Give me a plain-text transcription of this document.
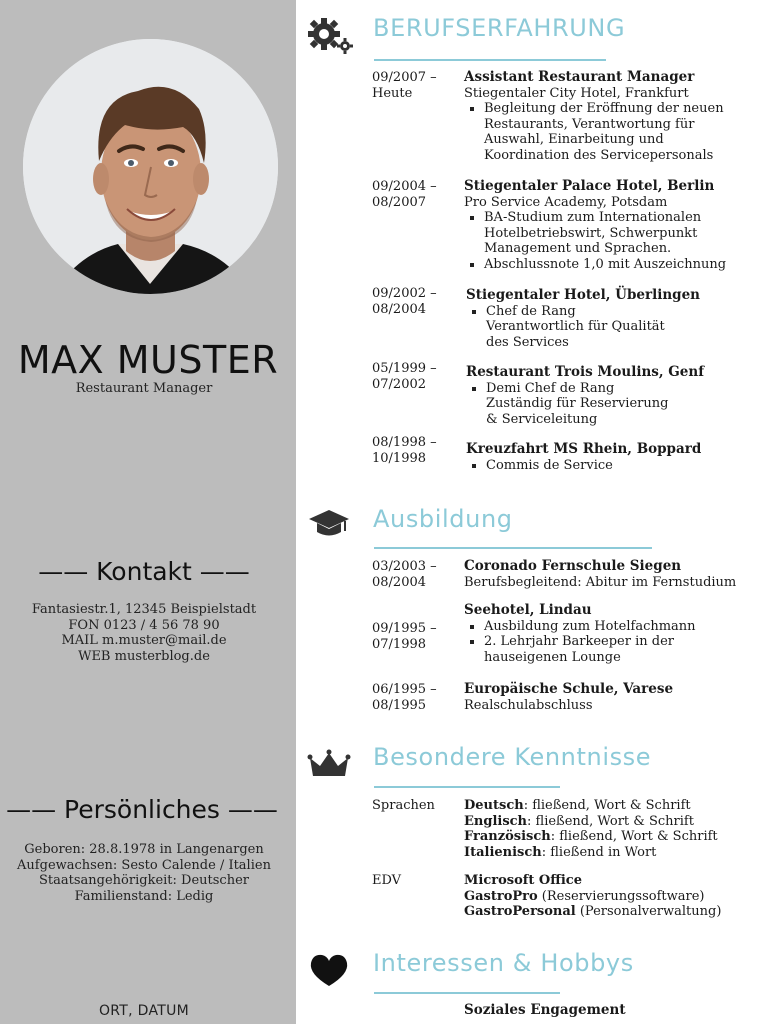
MAX MUSTER
Restaurant Manager
—— Kontakt ——
Fantasiestr.1, 12345 Beispielstadt
FON 0123 / 4 56 78 90
MAIL m.muster@mail.de
WEB musterblog.de
—— Persönliches ——
Geboren: 28.8.1978 in Langenargen
Aufgewachsen: Sesto Calende / Italien
Staatsangehörigkeit: Deutscher
Familienstand: Ledig
ORT, DATUM
BERUFSERFAHRUNG
09/2007 –
Heute
Assistant Restaurant Manager
Stiegentaler City Hotel, Frankfurt
Begleitung der Eröffnung der neuen Restaurants, Verantwortung für Auswahl, Einarbeitung und Koordination des Servicepersonals
09/2004 –
08/2007
Stiegentaler Palace Hotel, Berlin
Pro Service Academy, Potsdam
BA-Studium zum Internationalen Hotelbetriebswirt, Schwerpunkt Management und Sprachen.
Abschlussnote 1,0 mit Auszeichnung
09/2002 –
08/2004
Stiegentaler Hotel, Überlingen
Chef de Rang Verantwortlich für Qualität des Services
05/1999 –
07/2002
Restaurant Trois Moulins, Genf
Demi Chef de Rang Zuständig für Reservierung & Serviceleitung
08/1998 –
10/1998
Kreuzfahrt MS Rhein, Boppard
Commis de Service
Ausbildung
03/2003 –
08/2004
Coronado Fernschule Siegen
Berufsbegleitend: Abitur im Fernstudium
09/1995 –
07/1998
Seehotel, Lindau
Ausbildung zum Hotelfachmann
2. Lehrjahr Barkeeper in der hauseigenen Lounge
06/1995 –
08/1995
Europäische Schule, Varese
Realschulabschluss
Besondere Kenntnisse
Sprachen	Deutsch: fließend, Wort & Schrift
Englisch: fließend, Wort & Schrift
Französisch: fließend, Wort & Schrift
Italienisch: fließend in Wort
EDV	Microsoft Office
GastroPro (Reservierungssoftware)
GastroPersonal (Personalverwaltung)
Interessen & Hobbys
Soziales Engagement
